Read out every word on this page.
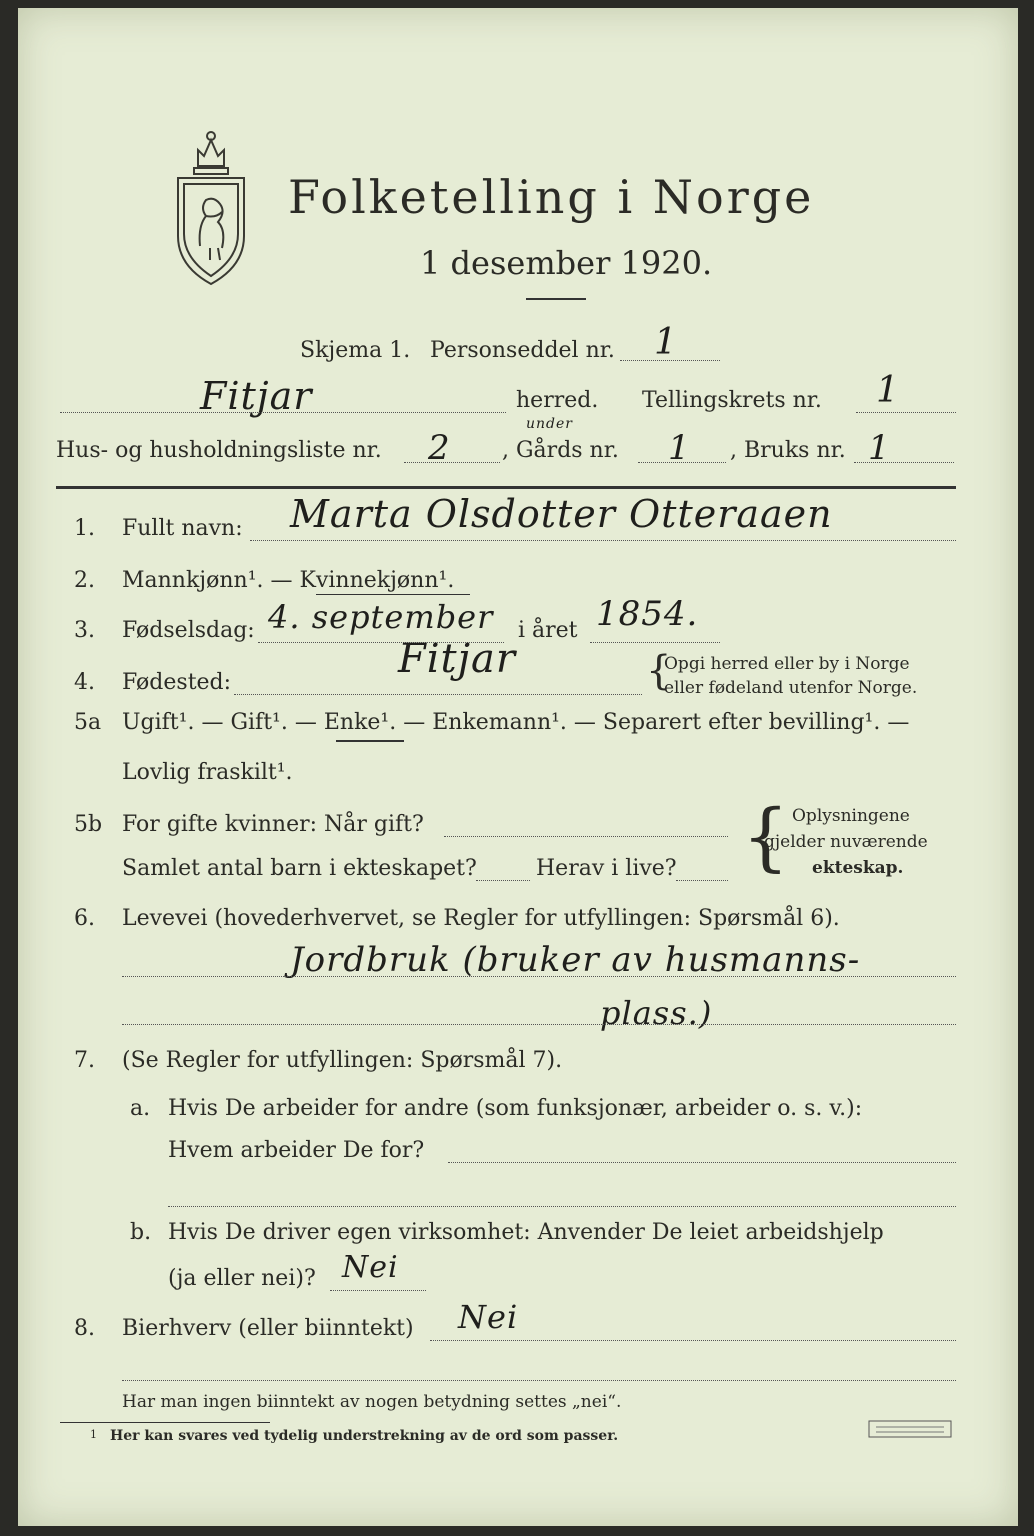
Folketelling i Norge
1 desember 1920.
Skjema 1. Personseddel nr. 1
Fitjar	herred. Tellingskrets nr. 1
Hus- og husholdningsliste nr. 2
under
, Gårds nr. 1 , Bruks nr. 1
1. Fullt navn: Marta Olsdotter Otteraaen
2. Mannkjønn¹. — Kvinnekjønn¹.
3. Fødselsdag: 4. september i året 1854.
4. Fødested:
Fitjar	{
Opgi herred eller by i Norge
eller fødeland utenfor Norge.
5a Ugift¹. — Gift¹. — Enke¹. — Enkemann¹. — Separert efter bevilling¹. —
Lovlig fraskilt¹.
5b For gifte kvinner: Når gift?
Samlet antal barn i ekteskapet?	Herav i live? { Oplysningene
gjelder nuværende
ekteskap.
6. Levevei (hovederhvervet, se Regler for utfyllingen: Spørsmål 6).
Jordbruk (bruker av husmanns-
plass.)
7. (Se Regler for utfyllingen: Spørsmål 7).
a. Hvis De arbeider for andre (som funksjonær, arbeider o. s. v.):
Hvem arbeider De for?
b. Hvis De driver egen virksomhet: Anvender De leiet arbeidshjelp
(ja eller nei)? Nei
8. Bierhverv (eller biinntekt) Nei
Har man ingen biinntekt av nogen betydning settes „nei“.
1 Her kan svares ved tydelig understrekning av de ord som passer.
